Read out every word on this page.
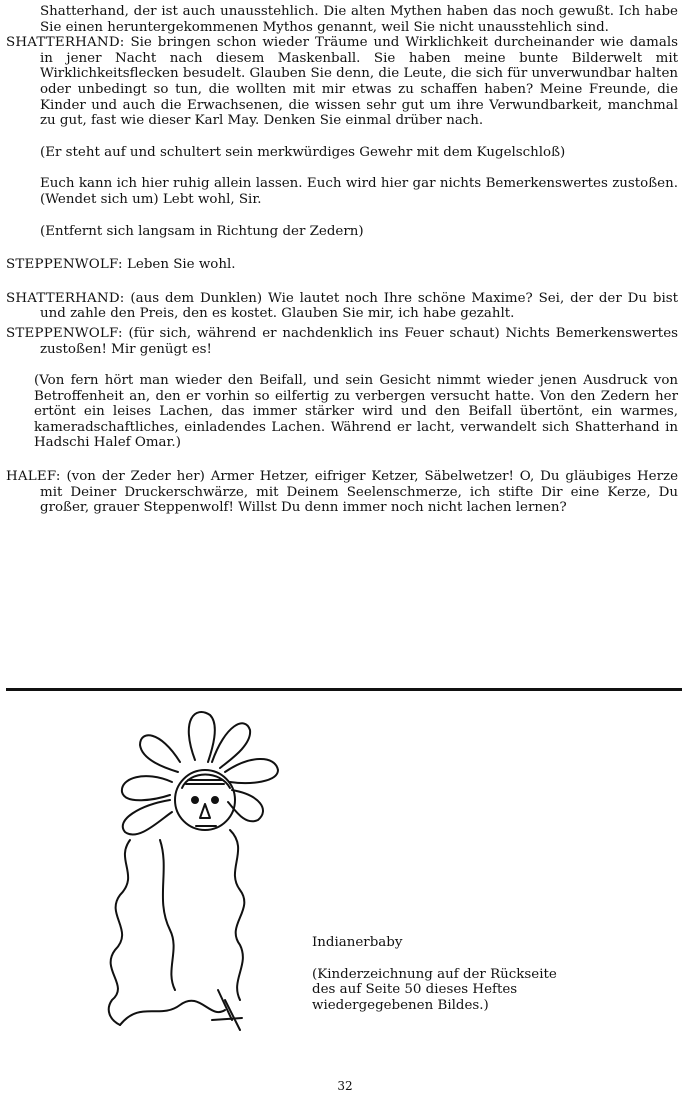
Shatterhand, der ist auch unausstehlich. Die alten Mythen haben das noch gewußt. Ich habe Sie einen heruntergekommenen Mythos genannt, weil Sie nicht unausstehlich sind.

SHATTERHAND: Sie bringen schon wieder Träume und Wirklichkeit durcheinander wie damals in jener Nacht nach diesem Maskenball. Sie haben meine bunte Bilderwelt mit Wirklichkeitsflecken besudelt. Glauben Sie denn, die Leute, die sich für unverwundbar halten oder unbedingt so tun, die wollten mit mir etwas zu schaffen haben? Meine Freunde, die Kinder und auch die Erwachsenen, die wissen sehr gut um ihre Verwundbarkeit, manchmal zu gut, fast wie dieser Karl May. Denken Sie einmal drüber nach.

(Er steht auf und schultert sein merkwürdiges Gewehr mit dem Kugelschloß)

Euch kann ich hier ruhig allein lassen. Euch wird hier gar nichts Bemerkenswertes zustoßen. (Wendet sich um) Lebt wohl, Sir.

(Entfernt sich langsam in Richtung der Zedern)

STEPPENWOLF: Leben Sie wohl.

SHATTERHAND: (aus dem Dunklen) Wie lautet noch Ihre schöne Maxime? Sei, der der Du bist und zahle den Preis, den es kostet. Glauben Sie mir, ich habe gezahlt.

STEPPENWOLF: (für sich, während er nachdenklich ins Feuer schaut) Nichts Bemerkenswertes zustoßen! Mir genügt es!

(Von fern hört man wieder den Beifall, und sein Gesicht nimmt wieder jenen Ausdruck von Betroffenheit an, den er vorhin so eilfertig zu verbergen versucht hatte. Von den Zedern her ertönt ein leises Lachen, das immer stärker wird und den Beifall übertönt, ein warmes, kameradschaftliches, einladendes Lachen. Während er lacht, verwandelt sich Shatterhand in Hadschi Halef Omar.)

HALEF: (von der Zeder her) Armer Hetzer, eifriger Ketzer, Säbelwetzer! O, Du gläubiges Herze mit Deiner Druckerschwärze, mit Deinem Seelenschmerze, ich stifte Dir eine Kerze, Du großer, grauer Steppenwolf! Willst Du denn immer noch nicht lachen lernen?

Indianerbaby
(Kinderzeichnung auf der Rückseite des auf Seite 50 dieses Heftes wiedergegebenen Bildes.)
32
